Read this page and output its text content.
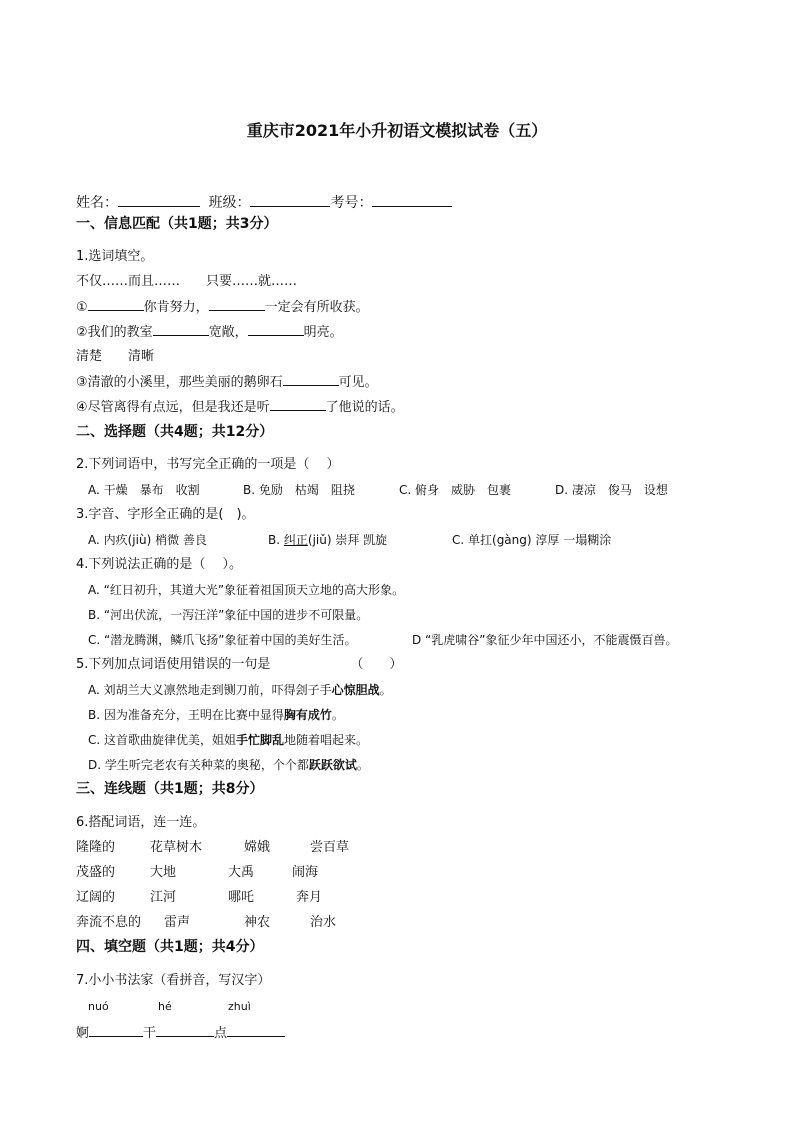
重庆市2021年小升初语文模拟试卷（五）
姓名：	班级：	考号：
一、信息匹配（共1题；共3分）
1.选词填空。
不仅……而且……　　只要……就……
①	你肯努力，	一定会有所收获。
②我们的教室	宽敞，	明亮。
清楚　　清晰
③清澈的小溪里，那些美丽的鹅卵石	可见。
④尽管离得有点远，但是我还是听	了他说的话。
二、选择题（共4题；共12分）
2.下列词语中，书写完全正确的一项是（　 ）
A. 干燥　暴布　收割	B. 免励　枯竭　阻挠	C. 俯身　威胁　包裹	D. 凄凉　俊马　设想
3.字音、字形全正确的是(　)。
A. 内疚(jiù) 梢微 善良	B. 纠正(jiǔ) 崇拜 凯旋	C. 单扛(gàng) 淳厚 一塌糊涂
4.下列说法正确的是（　 ）。
A. “红日初升，其道大光”象征着祖国顶天立地的高大形象。
B. “河出伏流，一泻汪洋”象征中国的进步不可限量。
C. “潜龙腾渊，鳞爪飞扬”象征着中国的美好生活。	D “乳虎啸谷”象征少年中国还小，不能震慑百兽。
5.下列加点词语使用错误的一句是	（　　）
A. 刘胡兰大义凛然地走到铡刀前，吓得刽子手心惊胆战。
B. 因为准备充分，王明在比赛中显得胸有成竹。
C. 这首歌曲旋律优美，姐姐手忙脚乱地随着唱起来。
D. 学生听完老农有关种菜的奥秘，个个都跃跃欲试。
三、连线题（共1题；共8分）
6.搭配词语，连一连。
隆隆的	花草树木	嫦娥	尝百草
茂盛的	大地	大禹	闹海
辽阔的	江河	哪吒	奔月
奔流不息的 雷声	神农	治水
四、填空题（共1题；共4分）
7.小小书法家（看拼音，写汉字）
nuó	hé	zhuì
婀	干	点
